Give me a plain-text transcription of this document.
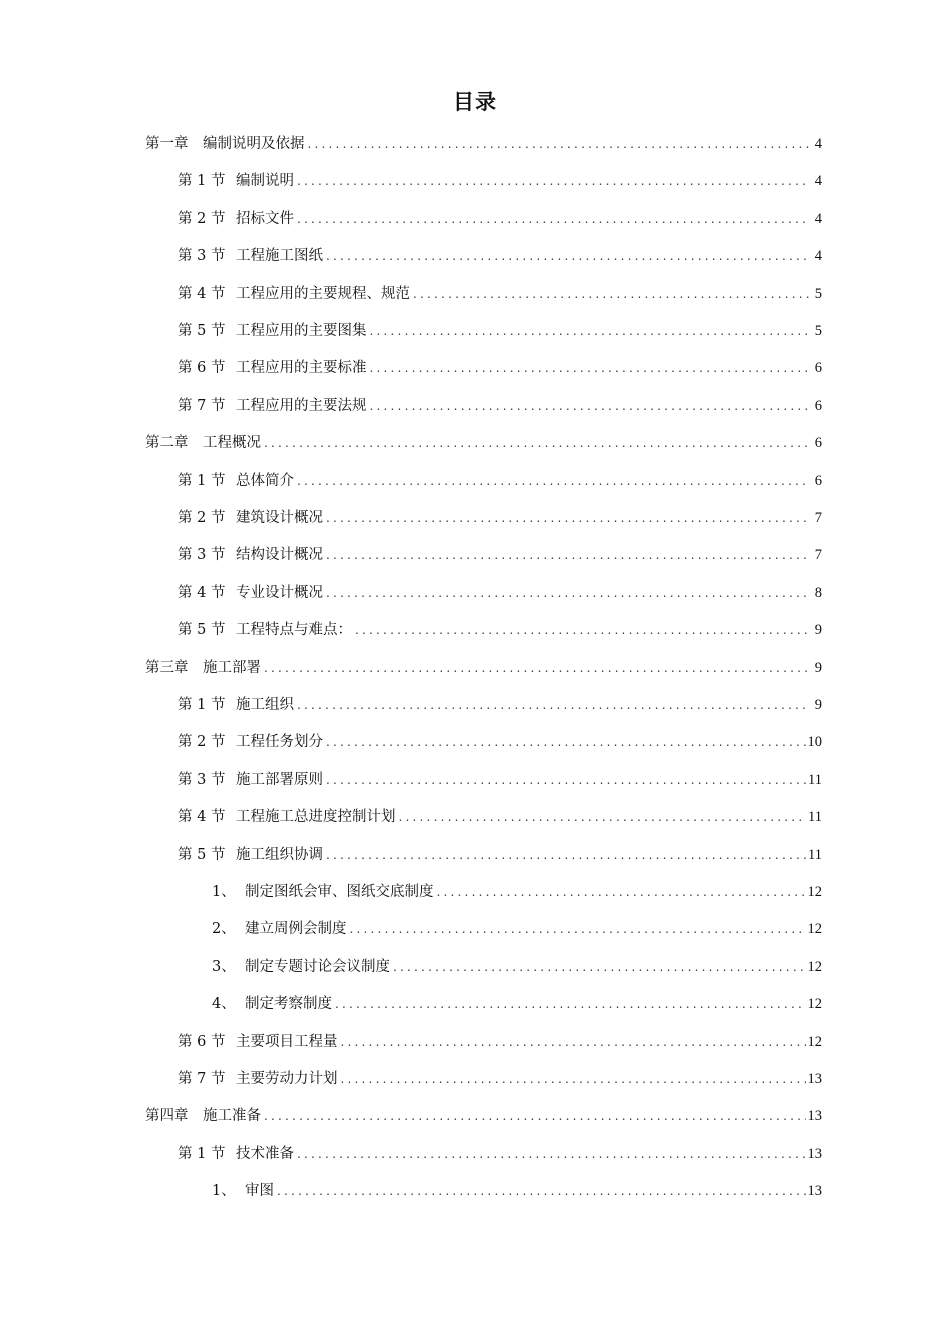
目录
第一章	编制说明及依据 .....	4
第 1 节 编制说明 .....	4
第 2 节 招标文件 .....	4
第 3 节 工程施工图纸 .....	4
第 4 节 工程应用的主要规程、规范 .....	5
第 5 节 工程应用的主要图集 .....	5
第 6 节 工程应用的主要标准 .....	6
第 7 节 工程应用的主要法规 .....	6
第二章	工程概况 .....	6
第 1 节 总体简介 .....	6
第 2 节 建筑设计概况 .....	7
第 3 节 结构设计概况 .....	7
第 4 节 专业设计概况 .....	8
第 5 节 工程特点与难点： .....	9
第三章	施工部署 .....	9
第 1 节 施工组织 .....	9
第 2 节 工程任务划分 .....	10
第 3 节 施工部署原则 .....	11
第 4 节 工程施工总进度控制计划 .....	11
第 5 节 施工组织协调 .....	11
1、 制定图纸会审、图纸交底制度 .....	12
2、 建立周例会制度 .....	12
3、 制定专题讨论会议制度 .....	12
4、 制定考察制度 .....	12
第 6 节 主要项目工程量 .....	12
第 7 节 主要劳动力计划 .....	13
第四章	施工准备 .....	13
第 1 节 技术准备 .....	13
1、 审图 .....	13
